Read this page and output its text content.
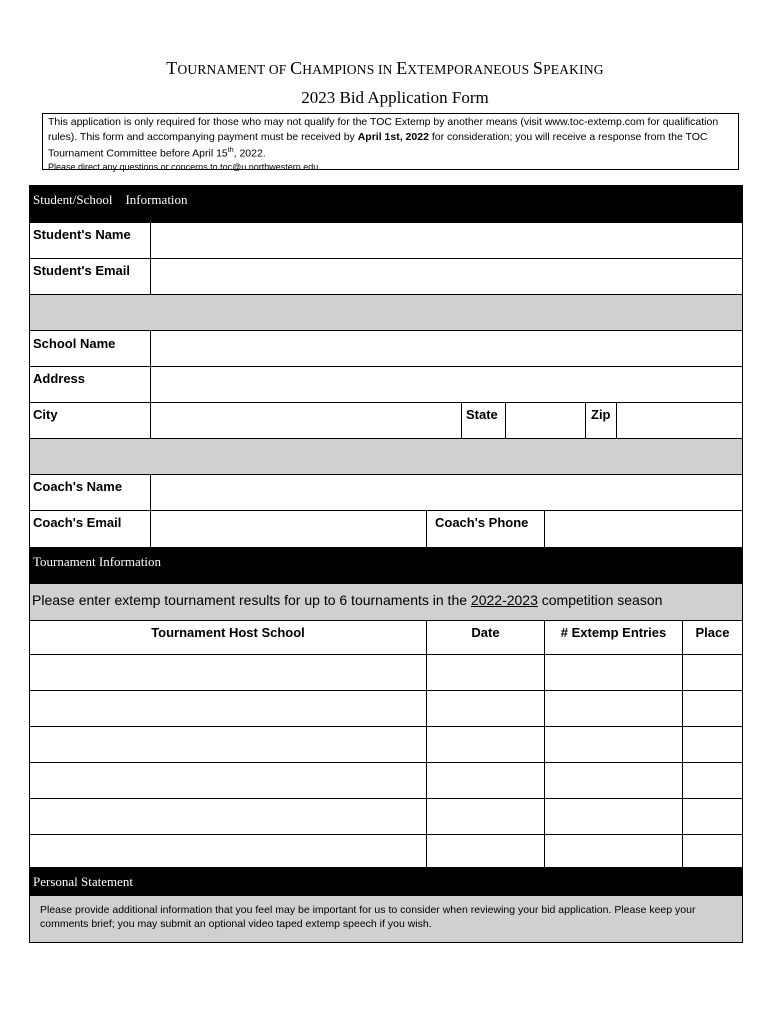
TOURNAMENT OF CHAMPIONS IN EXTEMPORANEOUS SPEAKING
2023 Bid Application Form
This application is only required for those who may not qualify for the TOC Extemp by another means (visit www.toc-extemp.com for qualification rules). This form and accompanying payment must be received by April 1st, 2022 for consideration; you will receive a response from the TOC Tournament Committee before April 15th, 2022.
Please direct any questions or concerns to toc@u.northwestern.edu
Student/School    Information
Student's Name
Student's Email
School Name
Address
City	State	Zip
Coach's Name
Coach's Email	Coach's Phone
Tournament Information
Please enter extemp tournament results for up to 6 tournaments in the 2022-2023 competition season
Tournament Host School	Date	# Extemp Entries	Place
Personal Statement
Please provide additional information that you feel may be important for us to consider when reviewing your bid application. Please keep your comments brief; you may submit an optional video taped extemp speech if you wish.
